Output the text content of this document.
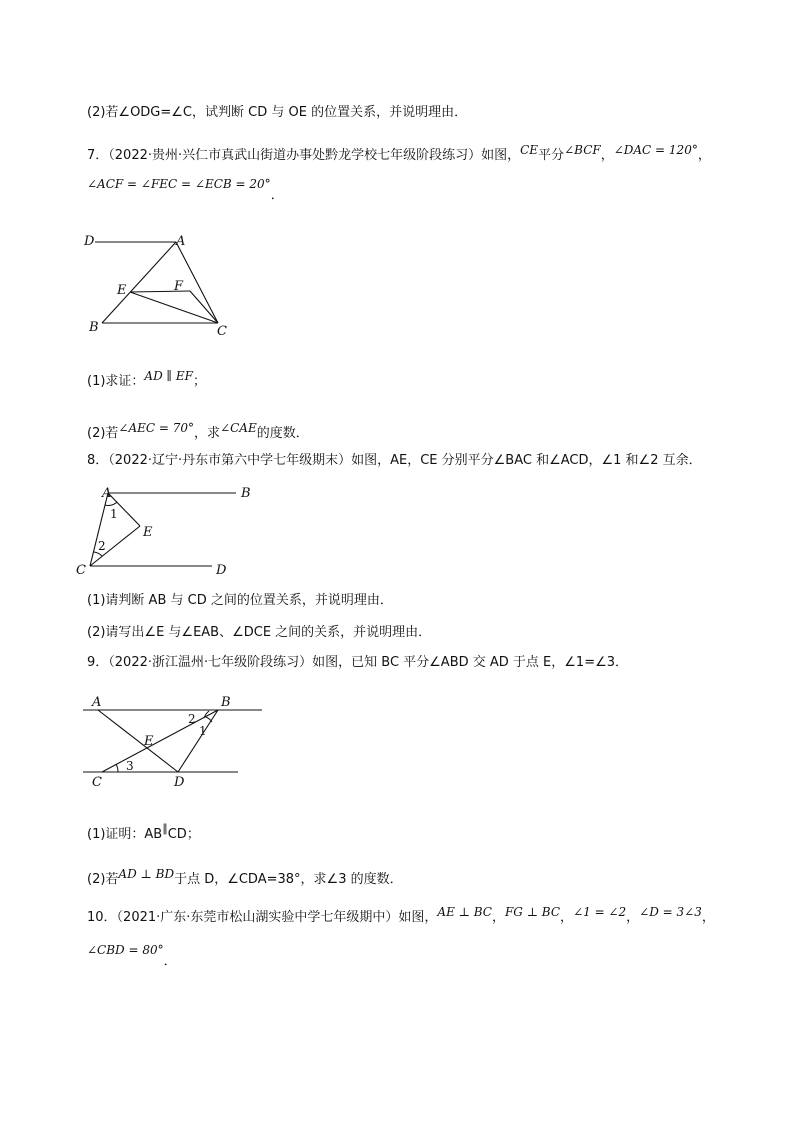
(2)若∠ODG=∠C，试判断 CD 与 OE 的位置关系，并说明理由．
7．（2022·贵州·兴仁市真武山街道办事处黔龙学校七年级阶段练习）如图，CE平分∠BCF，∠DAC = 120°，
∠ACF = ∠FEC = ∠ECB = 20°．
D	A
E	F
B	C
(1)求证：AD ∥ EF；
(2)若∠AEC = 70°，求∠CAE的度数．
8．（2022·辽宁·丹东市第六中学七年级期末）如图，AE，CE 分别平分∠BAC 和∠ACD，∠1 和∠2 互余．
A	B
E
C	D
1
2
(1)请判断 AB 与 CD 之间的位置关系，并说明理由．
(2)请写出∠E 与∠EAB、∠DCE 之间的关系，并说明理由．
9．（2022·浙江温州·七年级阶段练习）如图，已知 BC 平分∠ABD 交 AD 于点 E，∠1=∠3．
A	B
E
C	D
2
1
3
(1)证明：AB∥CD；
(2)若AD ⊥ BD于点 D，∠CDA=38°，求∠3 的度数．
10．（2021·广东·东莞市松山湖实验中学七年级期中）如图，AE ⊥ BC，FG ⊥ BC，∠1 = ∠2，∠D = 3∠3，
∠CBD = 80°．
